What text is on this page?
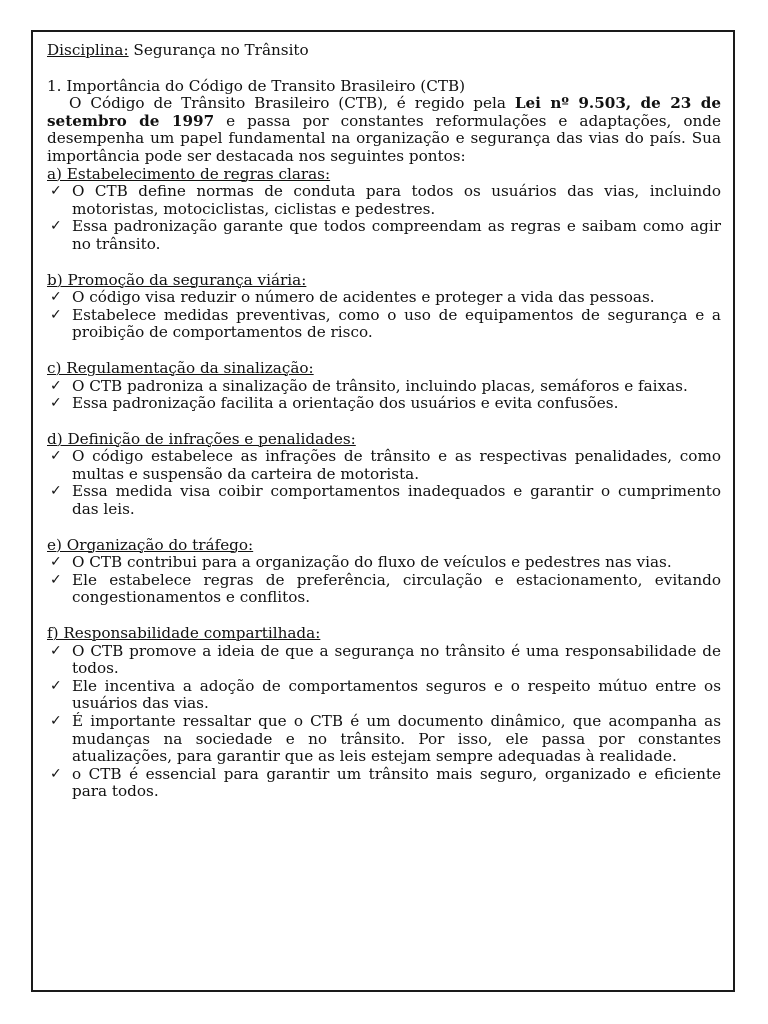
Disciplina: Segurança no Trânsito

1. Importância do Código de Transito Brasileiro (CTB)

O Código de Trânsito Brasileiro (CTB), é regido pela Lei nº 9.503, de 23 de setembro de 1997 e passa por constantes reformulações e adaptações, onde desempenha um papel fundamental na organização e segurança das vias do país. Sua importância pode ser destacada nos seguintes pontos:

a) Estabelecimento de regras claras:

✓ O CTB define normas de conduta para todos os usuários das vias, incluindo motoristas, motociclistas, ciclistas e pedestres.
✓ Essa padronização garante que todos compreendam as regras e saibam como agir no trânsito.

b) Promoção da segurança viária:

✓ O código visa reduzir o número de acidentes e proteger a vida das pessoas.
✓ Estabelece medidas preventivas, como o uso de equipamentos de segurança e a proibição de comportamentos de risco.

c) Regulamentação da sinalização:

✓ O CTB padroniza a sinalização de trânsito, incluindo placas, semáforos e faixas.
✓ Essa padronização facilita a orientação dos usuários e evita confusões.

d) Definição de infrações e penalidades:

✓ O código estabelece as infrações de trânsito e as respectivas penalidades, como multas e suspensão da carteira de motorista.
✓ Essa medida visa coibir comportamentos inadequados e garantir o cumprimento das leis.

e) Organização do tráfego:

✓ O CTB contribui para a organização do fluxo de veículos e pedestres nas vias.
✓ Ele estabelece regras de preferência, circulação e estacionamento, evitando congestionamentos e conflitos.

f) Responsabilidade compartilhada:

✓ O CTB promove a ideia de que a segurança no trânsito é uma responsabilidade de todos.
✓ Ele incentiva a adoção de comportamentos seguros e o respeito mútuo entre os usuários das vias.
✓ É importante ressaltar que o CTB é um documento dinâmico, que acompanha as mudanças na sociedade e no trânsito. Por isso, ele passa por constantes atualizações, para garantir que as leis estejam sempre adequadas à realidade.
✓ o CTB é essencial para garantir um trânsito mais seguro, organizado e eficiente para todos.
